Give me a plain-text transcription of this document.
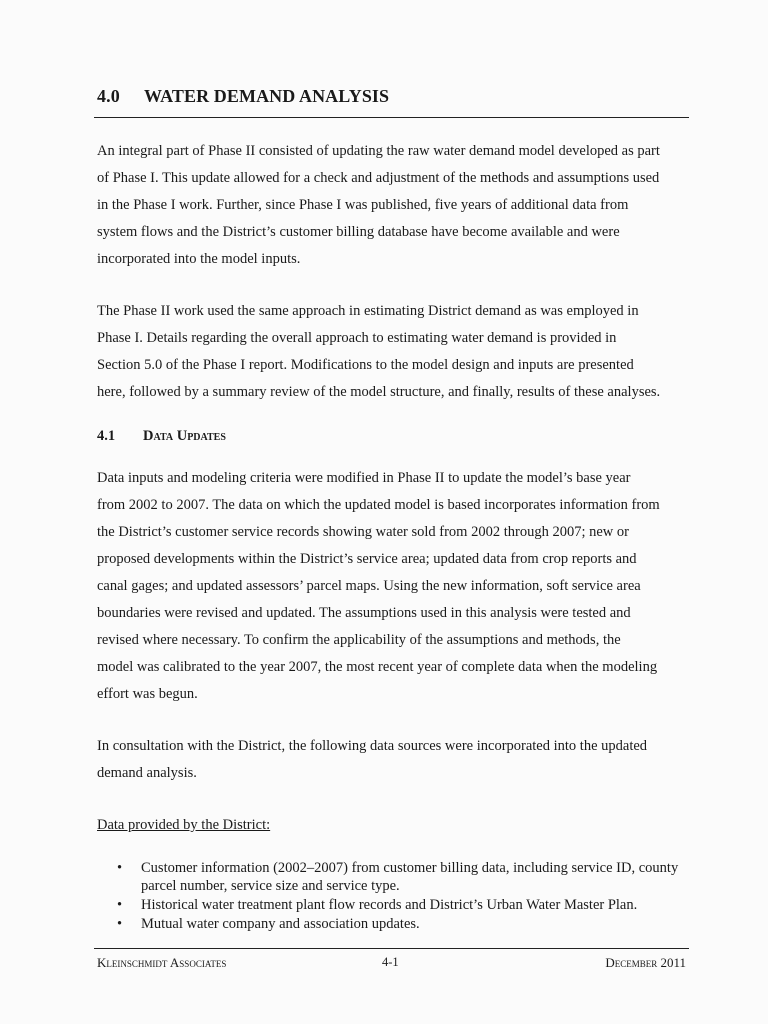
4.0 WATER DEMAND ANALYSIS
An integral part of Phase II consisted of updating the raw water demand model developed as part
of Phase I. This update allowed for a check and adjustment of the methods and assumptions used
in the Phase I work. Further, since Phase I was published, five years of additional data from
system flows and the District’s customer billing database have become available and were
incorporated into the model inputs.
The Phase II work used the same approach in estimating District demand as was employed in
Phase I. Details regarding the overall approach to estimating water demand is provided in
Section 5.0 of the Phase I report. Modifications to the model design and inputs are presented
here, followed by a summary review of the model structure, and finally, results of these analyses.
4.1 Data Updates
Data inputs and modeling criteria were modified in Phase II to update the model’s base year
from 2002 to 2007. The data on which the updated model is based incorporates information from
the District’s customer service records showing water sold from 2002 through 2007; new or
proposed developments within the District’s service area; updated data from crop reports and
canal gages; and updated assessors’ parcel maps. Using the new information, soft service area
boundaries were revised and updated. The assumptions used in this analysis were tested and
revised where necessary. To confirm the applicability of the assumptions and methods, the
model was calibrated to the year 2007, the most recent year of complete data when the modeling
effort was begun.
In consultation with the District, the following data sources were incorporated into the updated
demand analysis.
Data provided by the District:
• Customer information (2002–2007) from customer billing data, including service ID, county parcel number, service size and service type.
• Historical water treatment plant flow records and District’s Urban Water Master Plan.
• Mutual water company and association updates.
Kleinschmidt Associates	4-1	December 2011
